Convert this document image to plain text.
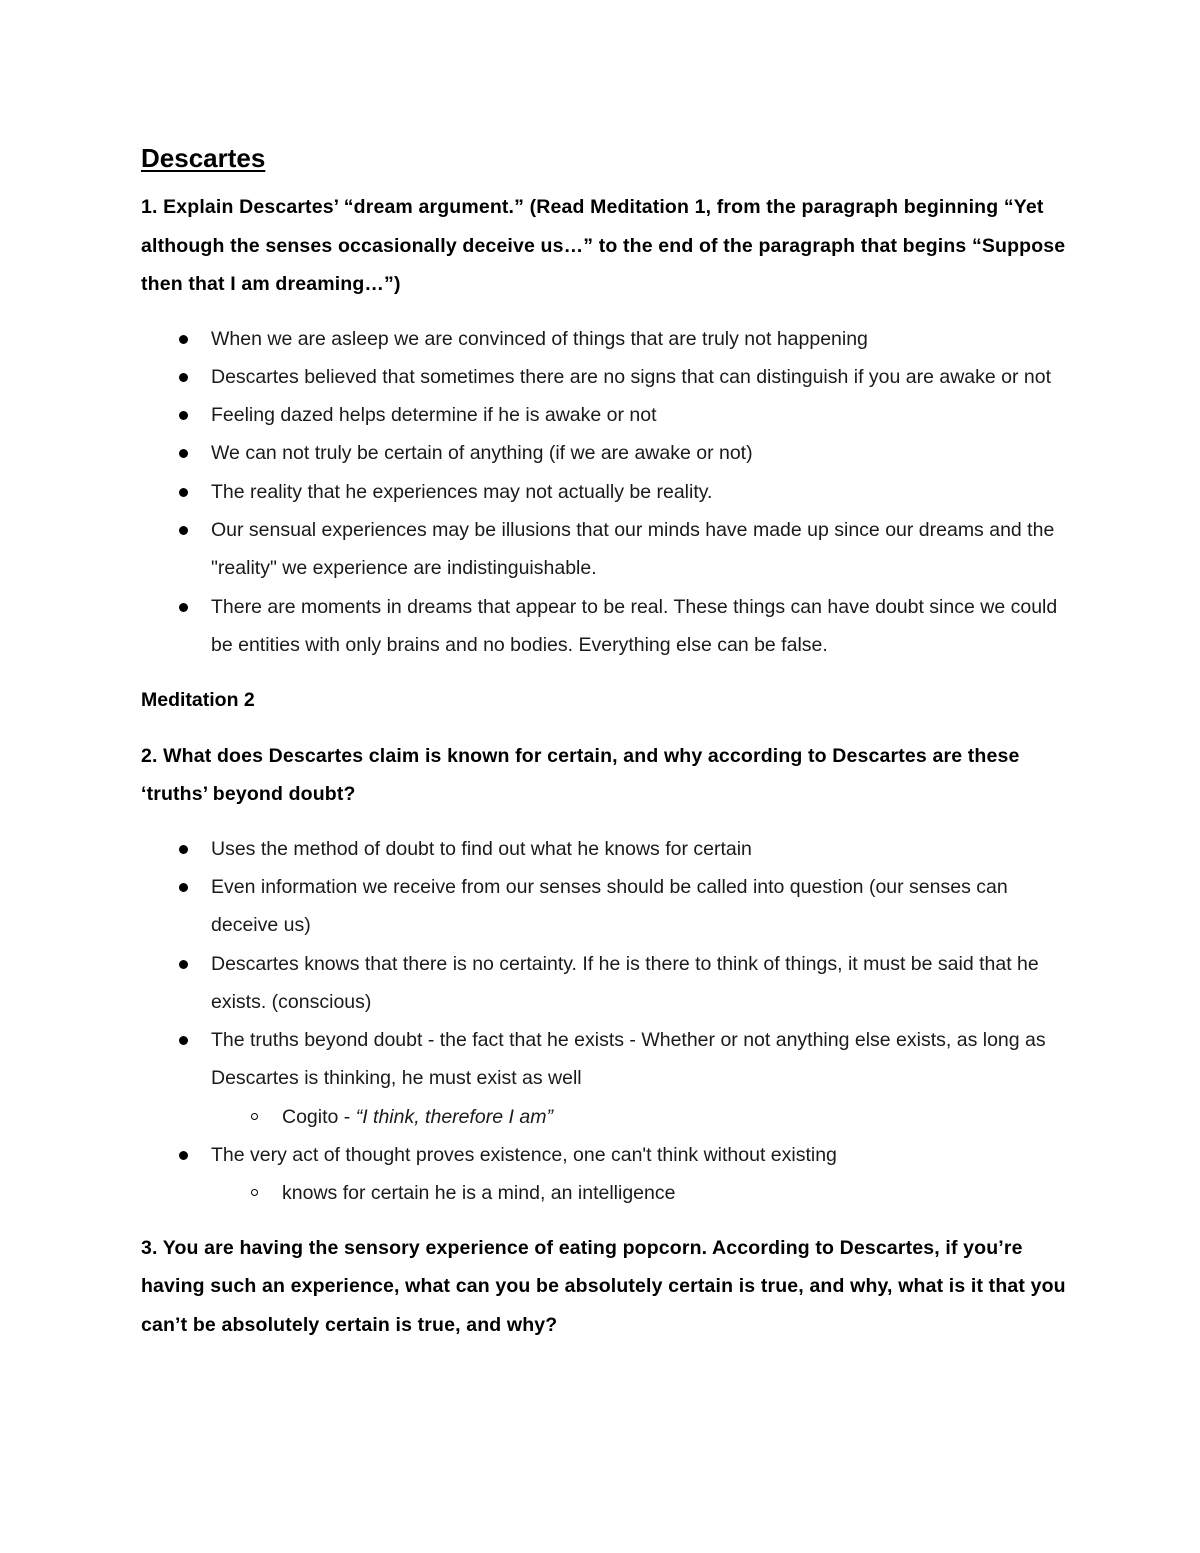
Descartes

1. Explain Descartes’ “dream argument.” (Read Meditation 1, from the paragraph beginning “Yet although the senses occasionally deceive us…” to the end of the paragraph that begins “Suppose then that I am dreaming…”)

When we are asleep we are convinced of things that are truly not happening
Descartes believed that sometimes there are no signs that can distinguish if you are awake or not
Feeling dazed helps determine if he is awake or not
We can not truly be certain of anything (if we are awake or not)
The reality that he experiences may not actually be reality.
Our sensual experiences may be illusions that our minds have made up since our dreams and the "reality" we experience are indistinguishable.
There are moments in dreams that appear to be real. These things can have doubt since we could be entities with only brains and no bodies. Everything else can be false.

Meditation 2

2. What does Descartes claim is known for certain, and why according to Descartes are these ‘truths’ beyond doubt?

Uses the method of doubt to find out what he knows for certain
Even information we receive from our senses should be called into question (our senses can deceive us)
Descartes knows that there is no certainty. If he is there to think of things, it must be said that he exists. (conscious)
The truths beyond doubt - the fact that he exists - Whether or not anything else exists, as long as Descartes is thinking, he must exist as well
Cogito - “I think, therefore I am”
The very act of thought proves existence, one can't think without existing
knows for certain he is a mind, an intelligence

3. You are having the sensory experience of eating popcorn. According to Descartes, if you’re having such an experience, what can you be absolutely certain is true, and why, what is it that you can’t be absolutely certain is true, and why?
